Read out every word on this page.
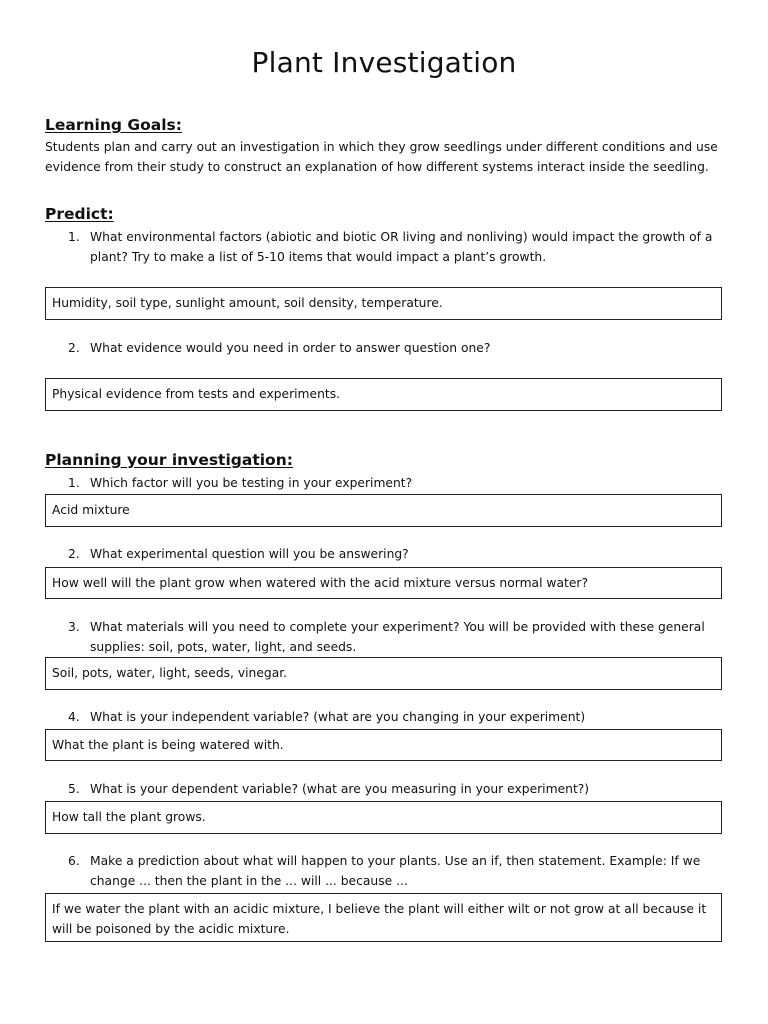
Plant Investigation
Learning Goals:
Students plan and carry out an investigation in which they grow seedlings under different conditions and use evidence from their study to construct an explanation of how different systems interact inside the seedling.
Predict:
1. What environmental factors (abiotic and biotic OR living and nonliving) would impact the growth of a plant? Try to make a list of 5-10 items that would impact a plant’s growth.
Humidity, soil type, sunlight amount, soil density, temperature.
2. What evidence would you need in order to answer question one?
Physical evidence from tests and experiments.
Planning your investigation:
1. Which factor will you be testing in your experiment?
Acid mixture
2. What experimental question will you be answering?
How well will the plant grow when watered with the acid mixture versus normal water?
3. What materials will you need to complete your experiment? You will be provided with these general supplies: soil, pots, water, light, and seeds.
Soil, pots, water, light, seeds, vinegar.
4. What is your independent variable? (what are you changing in your experiment)
What the plant is being watered with.
5. What is your dependent variable? (what are you measuring in your experiment?)
How tall the plant grows.
6. Make a prediction about what will happen to your plants. Use an if, then statement. Example: If we change ... then the plant in the ... will ... because ...
If we water the plant with an acidic mixture, I believe the plant will either wilt or not grow at all because it will be poisoned by the acidic mixture.
